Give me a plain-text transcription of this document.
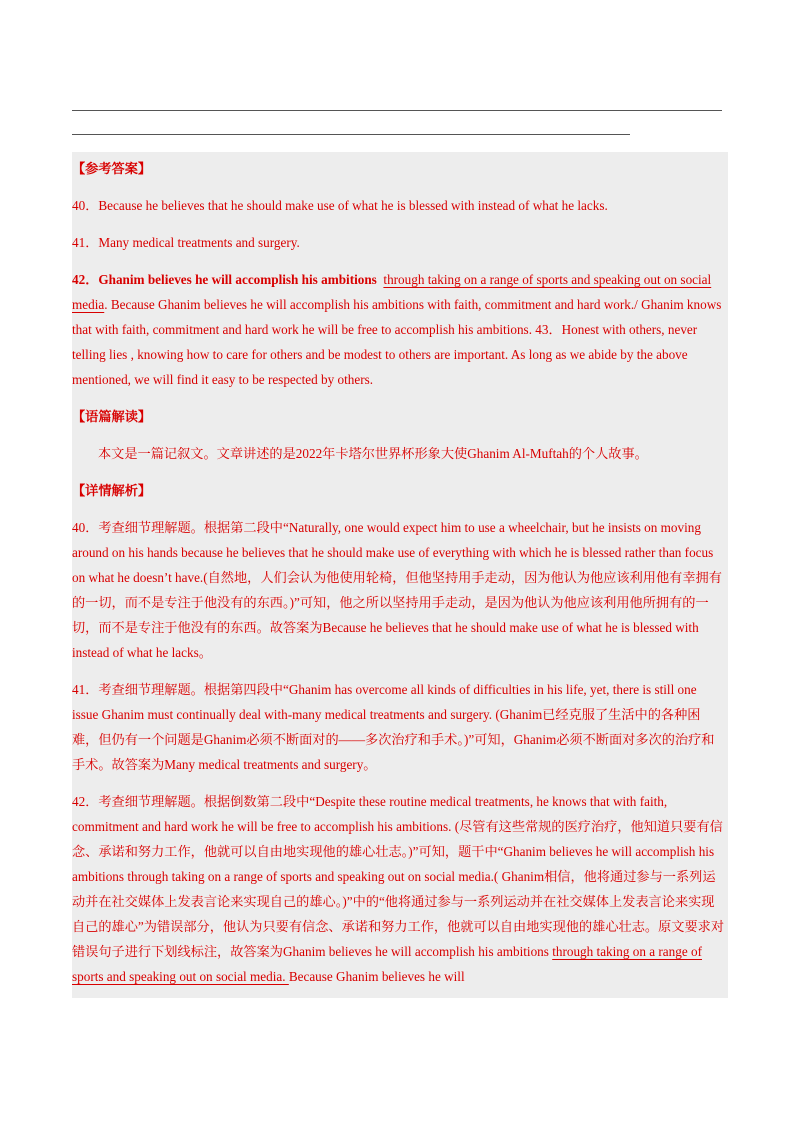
【参考答案】

40．Because he believes that he should make use of what he is blessed with instead of what he lacks.

41．Many medical treatments and surgery.

42．Ghanim believes he will accomplish his ambitions through taking on a range of sports and speaking out on social media. Because Ghanim believes he will accomplish his ambitions with faith, commitment and hard work./ Ghanim knows that with faith, commitment and hard work he will be free to accomplish his ambitions. 43．Honest with others, never telling lies , knowing how to care for others and be modest to others are important. As long as we abide by the above mentioned, we will find it easy to be respected by others.

【语篇解读】

本文是一篇记叙文。文章讲述的是2022年卡塔尔世界杯形象大使Ghanim Al-Muftah的个人故事。

【详情解析】

40．考查细节理解题。根据第二段中“Naturally, one would expect him to use a wheelchair, but he insists on moving around on his hands because he believes that he should make use of everything with which he is blessed rather than focus on what he doesn’t have.(自然地，人们会认为他使用轮椅，但他坚持用手走动，因为他认为他应该利用他有幸拥有的一切，而不是专注于他没有的东西。)”可知，他之所以坚持用手走动，是因为他认为他应该利用他所拥有的一切，而不是专注于他没有的东西。故答案为Because he believes that he should make use of what he is blessed with instead of what he lacks。

41．考查细节理解题。根据第四段中“Ghanim has overcome all kinds of difficulties in his life, yet, there is still one issue Ghanim must continually deal with-many medical treatments and surgery. (Ghanim已经克服了生活中的各种困难，但仍有一个问题是Ghanim必须不断面对的——多次治疗和手术。)”可知，Ghanim必须不断面对多次的治疗和手术。故答案为Many medical treatments and surgery。

42．考查细节理解题。根据倒数第二段中“Despite these routine medical treatments, he knows that with faith, commitment and hard work he will be free to accomplish his ambitions. (尽管有这些常规的医疗治疗，他知道只要有信念、承诺和努力工作，他就可以自由地实现他的雄心壮志。)”可知，题干中“Ghanim believes he will accomplish his ambitions through taking on a range of sports and speaking out on social media.( Ghanim相信，他将通过参与一系列运动并在社交媒体上发表言论来实现自己的雄心。)”中的“他将通过参与一系列运动并在社交媒体上发表言论来实现自己的雄心”为错误部分，他认为只要有信念、承诺和努力工作，他就可以自由地实现他的雄心壮志。原文要求对错误句子进行下划线标注，故答案为Ghanim believes he will accomplish his ambitions through taking on a range of sports and speaking out on social media. Because Ghanim believes he will
